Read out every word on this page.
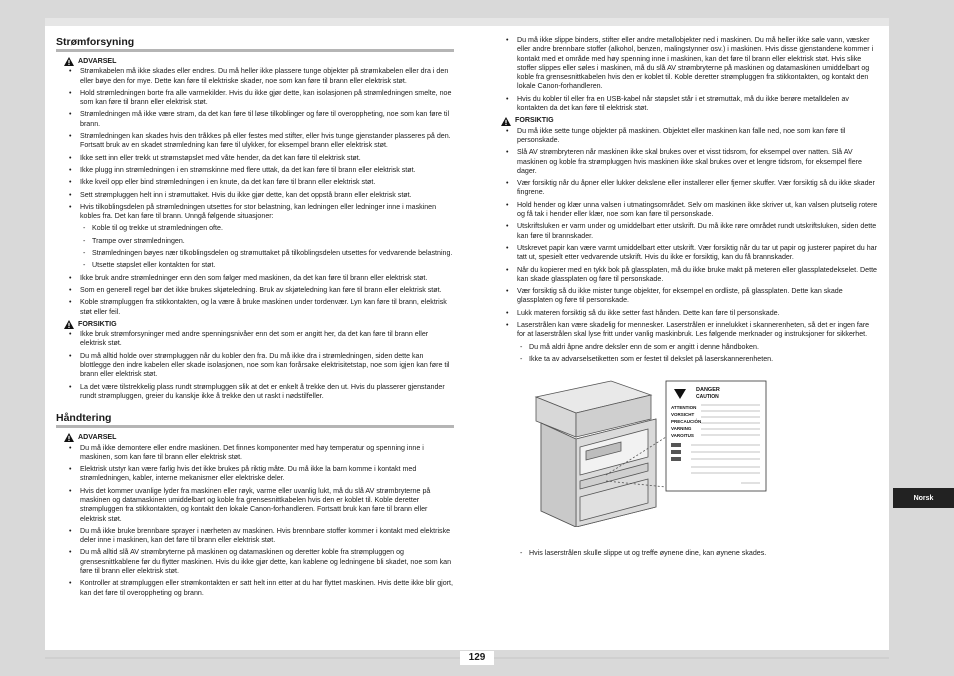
Strømforsyning
ADVARSEL
• Strømkabelen må ikke skades eller endres. Du må heller ikke plassere tunge objekter på strømkabelen eller dra i den eller bøye den for mye. Dette kan føre til elektriske skader, noe som kan føre til brann eller elektrisk støt.
• Hold strømledningen borte fra alle varmekilder. Hvis du ikke gjør dette, kan isolasjonen på strømledningen smelte, noe som kan føre til brann eller elektrisk støt.
• Strømledningen må ikke være stram, da det kan føre til løse tilkoblinger og føre til overoppheting, noe som kan føre til brann.
• Strømledningen kan skades hvis den tråkkes på eller festes med stifter, eller hvis tunge gjenstander plasseres på den. Fortsatt bruk av en skadet strømledning kan føre til ulykker, for eksempel brann eller elektrisk støt.
• Ikke sett inn eller trekk ut strømstøpslet med våte hender, da det kan føre til elektrisk støt.
• Ikke plugg inn strømledningen i en strømskinne med flere uttak, da det kan føre til brann eller elektrisk støt.
• Ikke kveil opp eller bind strømledningen i en knute, da det kan føre til brann eller elektrisk støt.
• Sett strømpluggen helt inn i strømuttaket. Hvis du ikke gjør dette, kan det oppstå brann eller elektrisk støt.
• Hvis tilkoblingsdelen på strømledningen utsettes for stor belastning, kan ledningen eller ledninger inne i maskinen kobles fra. Det kan føre til brann. Unngå følgende situasjoner:
- Koble til og trekke ut strømledningen ofte.
- Trampe over strømledningen.
- Strømledningen bøyes nær tilkoblingsdelen og strømuttaket på tilkoblingsdelen utsettes for vedvarende belastning.
- Utsette støpslet eller kontakten for støt.
• Ikke bruk andre strømledninger enn den som følger med maskinen, da det kan føre til brann eller elektrisk støt.
• Som en generell regel bør det ikke brukes skjøteledning. Bruk av skjøteledning kan føre til brann eller elektrisk støt.
• Koble strømpluggen fra stikkontakten, og la være å bruke maskinen under tordenvær. Lyn kan føre til brann, elektrisk støt eller feil.
FORSIKTIG
• Ikke bruk strømforsyninger med andre spenningsnivåer enn det som er angitt her, da det kan føre til brann eller elektrisk støt.
• Du må alltid holde over strømpluggen når du kobler den fra. Du må ikke dra i strømledningen, siden dette kan blottlegge den indre kabelen eller skade isolasjonen, noe som kan forårsake elektrisitetstap, noe som igjen kan føre til brann eller elektrisk støt.
• La det være tilstrekkelig plass rundt strømpluggen slik at det er enkelt å trekke den ut. Hvis du plasserer gjenstander rundt strømpluggen, greier du kanskje ikke å trekke den ut raskt i nødstilfeller.
Håndtering
ADVARSEL
• Du må ikke demontere eller endre maskinen. Det finnes komponenter med høy temperatur og spenning inne i maskinen, som kan føre til brann eller elektrisk støt.
• Elektrisk utstyr kan være farlig hvis det ikke brukes på riktig måte. Du må ikke la barn komme i kontakt med strømledningen, kabler, interne mekanismer eller elektriske deler.
• Hvis det kommer uvanlige lyder fra maskinen eller røyk, varme eller uvanlig lukt, må du slå AV strømbryterne på maskinen og datamaskinen umiddelbart og koble fra grensesnittkabelen hvis den er koblet til. Koble deretter strømpluggen fra stikkontakten, og kontakt den lokale Canon-forhandleren. Fortsatt bruk kan føre til brann eller elektrisk støt.
• Du må ikke bruke brennbare sprayer i nærheten av maskinen. Hvis brennbare stoffer kommer i kontakt med elektriske deler inne i maskinen, kan det føre til brann eller elektrisk støt.
• Du må alltid slå AV strømbryterne på maskinen og datamaskinen og deretter koble fra strømpluggen og grensesnittkablene før du flytter maskinen. Hvis du ikke gjør dette, kan kablene og ledningene bli skadet, noe som kan føre til brann eller elektrisk støt.
• Kontroller at strømpluggen eller strømkontakten er satt helt inn etter at du har flyttet maskinen. Hvis dette ikke blir gjort, kan det føre til overoppheting og brann.
• Du må ikke slippe binders, stifter eller andre metallobjekter ned i maskinen. Du må heller ikke søle vann, væsker eller andre brennbare stoffer (alkohol, benzen, malingstynner osv.) i maskinen. Hvis disse gjenstandene kommer i kontakt med et område med høy spenning inne i maskinen, kan det føre til brann eller elektrisk støt. Hvis slike stoffer slippes eller søles i maskinen, må du slå AV strømbryterne på maskinen og datamaskinen umiddelbart og koble fra grensesnittkabelen hvis den er koblet til. Koble deretter strømpluggen fra stikkontakten, og kontakt den lokale Canon-forhandleren.
• Hvis du kobler til eller fra en USB-kabel når støpslet står i et strømuttak, må du ikke berøre metalldelen av kontakten da det kan føre til elektrisk støt.
FORSIKTIG
• Du må ikke sette tunge objekter på maskinen. Objektet eller maskinen kan falle ned, noe som kan føre til personskade.
• Slå AV strømbryteren når maskinen ikke skal brukes over et visst tidsrom, for eksempel over natten. Slå AV maskinen og koble fra strømpluggen hvis maskinen ikke skal brukes over et lengre tidsrom, for eksempel flere dager.
• Vær forsiktig når du åpner eller lukker dekslene eller installerer eller fjerner skuffer. Vær forsiktig så du ikke skader fingrene.
• Hold hender og klær unna valsen i utmatingsområdet. Selv om maskinen ikke skriver ut, kan valsen plutselig rotere og få tak i hender eller klær, noe som kan føre til personskade.
• Utskriftsluken er varm under og umiddelbart etter utskrift. Du må ikke røre området rundt utskriftsluken, siden dette kan føre til brannskader.
• Utskrevet papir kan være varmt umiddelbart etter utskrift. Vær forsiktig når du tar ut papir og justerer papiret du har tatt ut, spesielt etter vedvarende utskrift. Hvis du ikke er forsiktig, kan du få brannskader.
• Når du kopierer med en tykk bok på glassplaten, må du ikke bruke makt på meteren eller glassplatedekselet. Dette kan skade glassplaten og føre til personskade.
• Vær forsiktig så du ikke mister tunge objekter, for eksempel en ordliste, på glassplaten. Dette kan skade glassplaten og føre til personskade.
• Lukk materen forsiktig så du ikke setter fast hånden. Dette kan føre til personskade.
• Laserstrålen kan være skadelig for mennesker. Laserstrålen er innelukket i skannerenheten, så det er ingen fare for at laserstrålen skal lyse fritt under vanlig maskinbruk. Les følgende merknader og instruksjoner for sikkerhet.
- Du må aldri åpne andre deksler enn de som er angitt i denne håndboken.
- Ikke ta av advarselsetiketten som er festet til dekslet på laserskannerenheten.
DANGER
CAUTION
ATTENTION
VORSICHT
PRECAUCIÓN
VARNING
VAROITUS
- Hvis laserstrålen skulle slippe ut og treffe øynene dine, kan øynene skades.
Norsk
129
